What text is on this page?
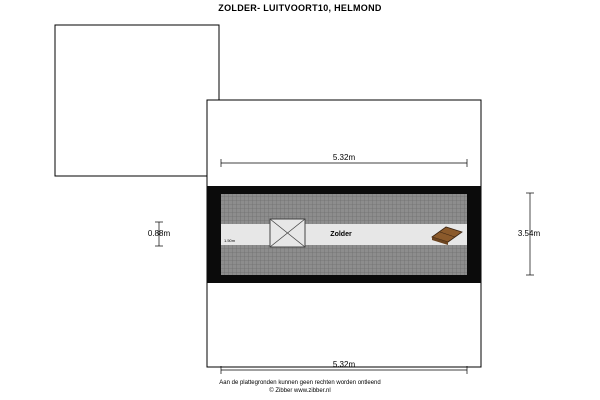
ZOLDER- LUITVOORT10, HELMOND
Zolder
1.50m
5.32m
5.32m
3.54m
0.88m
Aan de plattegronden kunnen geen rechten worden ontleend
© Zibber www.zibber.nl
